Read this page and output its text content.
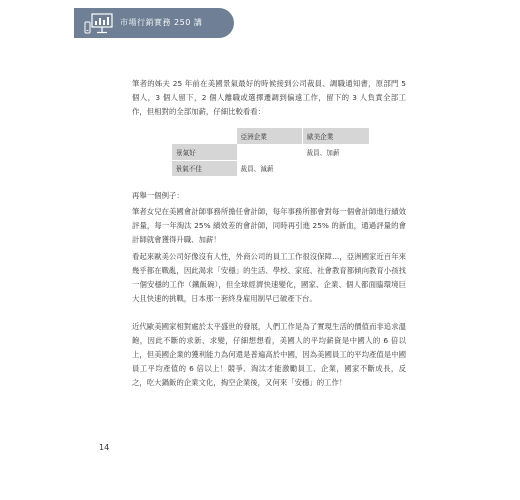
市場行銷實務 250 講

筆者的姊夫 25 年前在美國景氣最好的時候接到公司裁員、調職通知書，原部門 5 個人，3 個人留下，2 個人離職或選擇遷調到偏遠工作，留下的 3 人負責全部工作，但相對的全部加薪，仔細比較看看：

	亞洲企業	歐美企業
景氣好		裁員、加薪
景氣不佳	裁員、減薪	

再舉一個例子：

筆者女兒在美國會計師事務所擔任會計師，每年事務所都會對每一個會計師進行績效評量，每一年淘汰 25% 績效差的會計師，同時再引進 25% 的新血，通過評量的會計師就會獲得升職、加薪！

看起來歐美公司好像沒有人性，外商公司的員工工作很沒保障…，亞洲國家近百年來幾乎都在戰亂，因此渴求「安穩」的生活、學校、家庭、社會教育都傾向教育小孩找一個安穩的工作（鐵飯碗），但全球經濟快速變化，國家、企業、個人都面臨環境巨大且快速的挑戰，日本那一套終身雇用制早已破產下台。

近代歐美國家相對處於太平盛世的發展，人們工作是為了實現生活的價值而非追求溫飽，因此不斷的求新、求變，仔細想想看，美國人的平均薪資是中國人的 6 倍以上，但美國企業的獲利能力為何還是普遍高於中國，因為美國員工的平均產值是中國員工平均產值的 6 倍以上！競爭、淘汰才能激勵員工、企業，國家不斷成長，反之，吃大鍋飯的企業文化，掏空企業後，又何來「安穩」的工作！

14
